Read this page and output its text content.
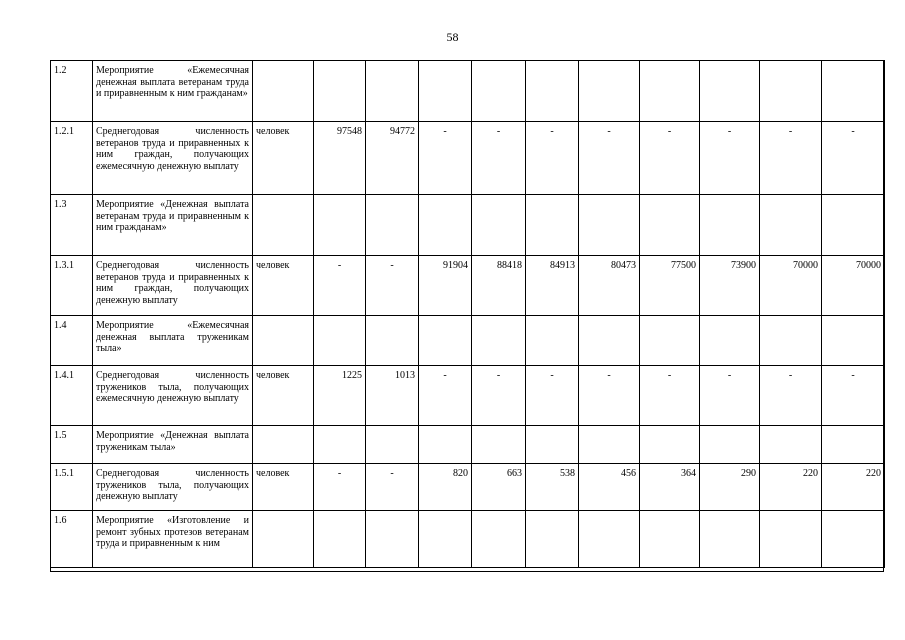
58
1.2	Мероприятие «Ежемесячная денежная выплата ветеранам труда и приравненным к ним гражданам»											
1.2.1	Среднегодовая численность ветеранов труда и приравненных к ним граждан, получающих ежемесячную денежную выплату	человек	97548	94772	-	-	-	-	-	-	-	-
1.3	Мероприятие «Денежная выплата ветеранам труда и приравненным к ним гражданам»											
1.3.1	Среднегодовая численность ветеранов труда и приравненных к ним граждан, получающих денежную выплату	человек	-	-	91904	88418	84913	80473	77500	73900	70000	70000
1.4	Мероприятие «Ежемесячная денежная выплата труженикам тыла»											
1.4.1	Среднегодовая численность тружеников тыла, получающих ежемесячную денежную выплату	человек	1225	1013	-	-	-	-	-	-	-	-
1.5	Мероприятие «Денежная выплата труженикам тыла»											
1.5.1	Среднегодовая численность тружеников тыла, получающих денежную выплату	человек	-	-	820	663	538	456	364	290	220	220
1.6	Мероприятие «Изготовление и ремонт зубных протезов ветеранам труда и приравненным к ним											
